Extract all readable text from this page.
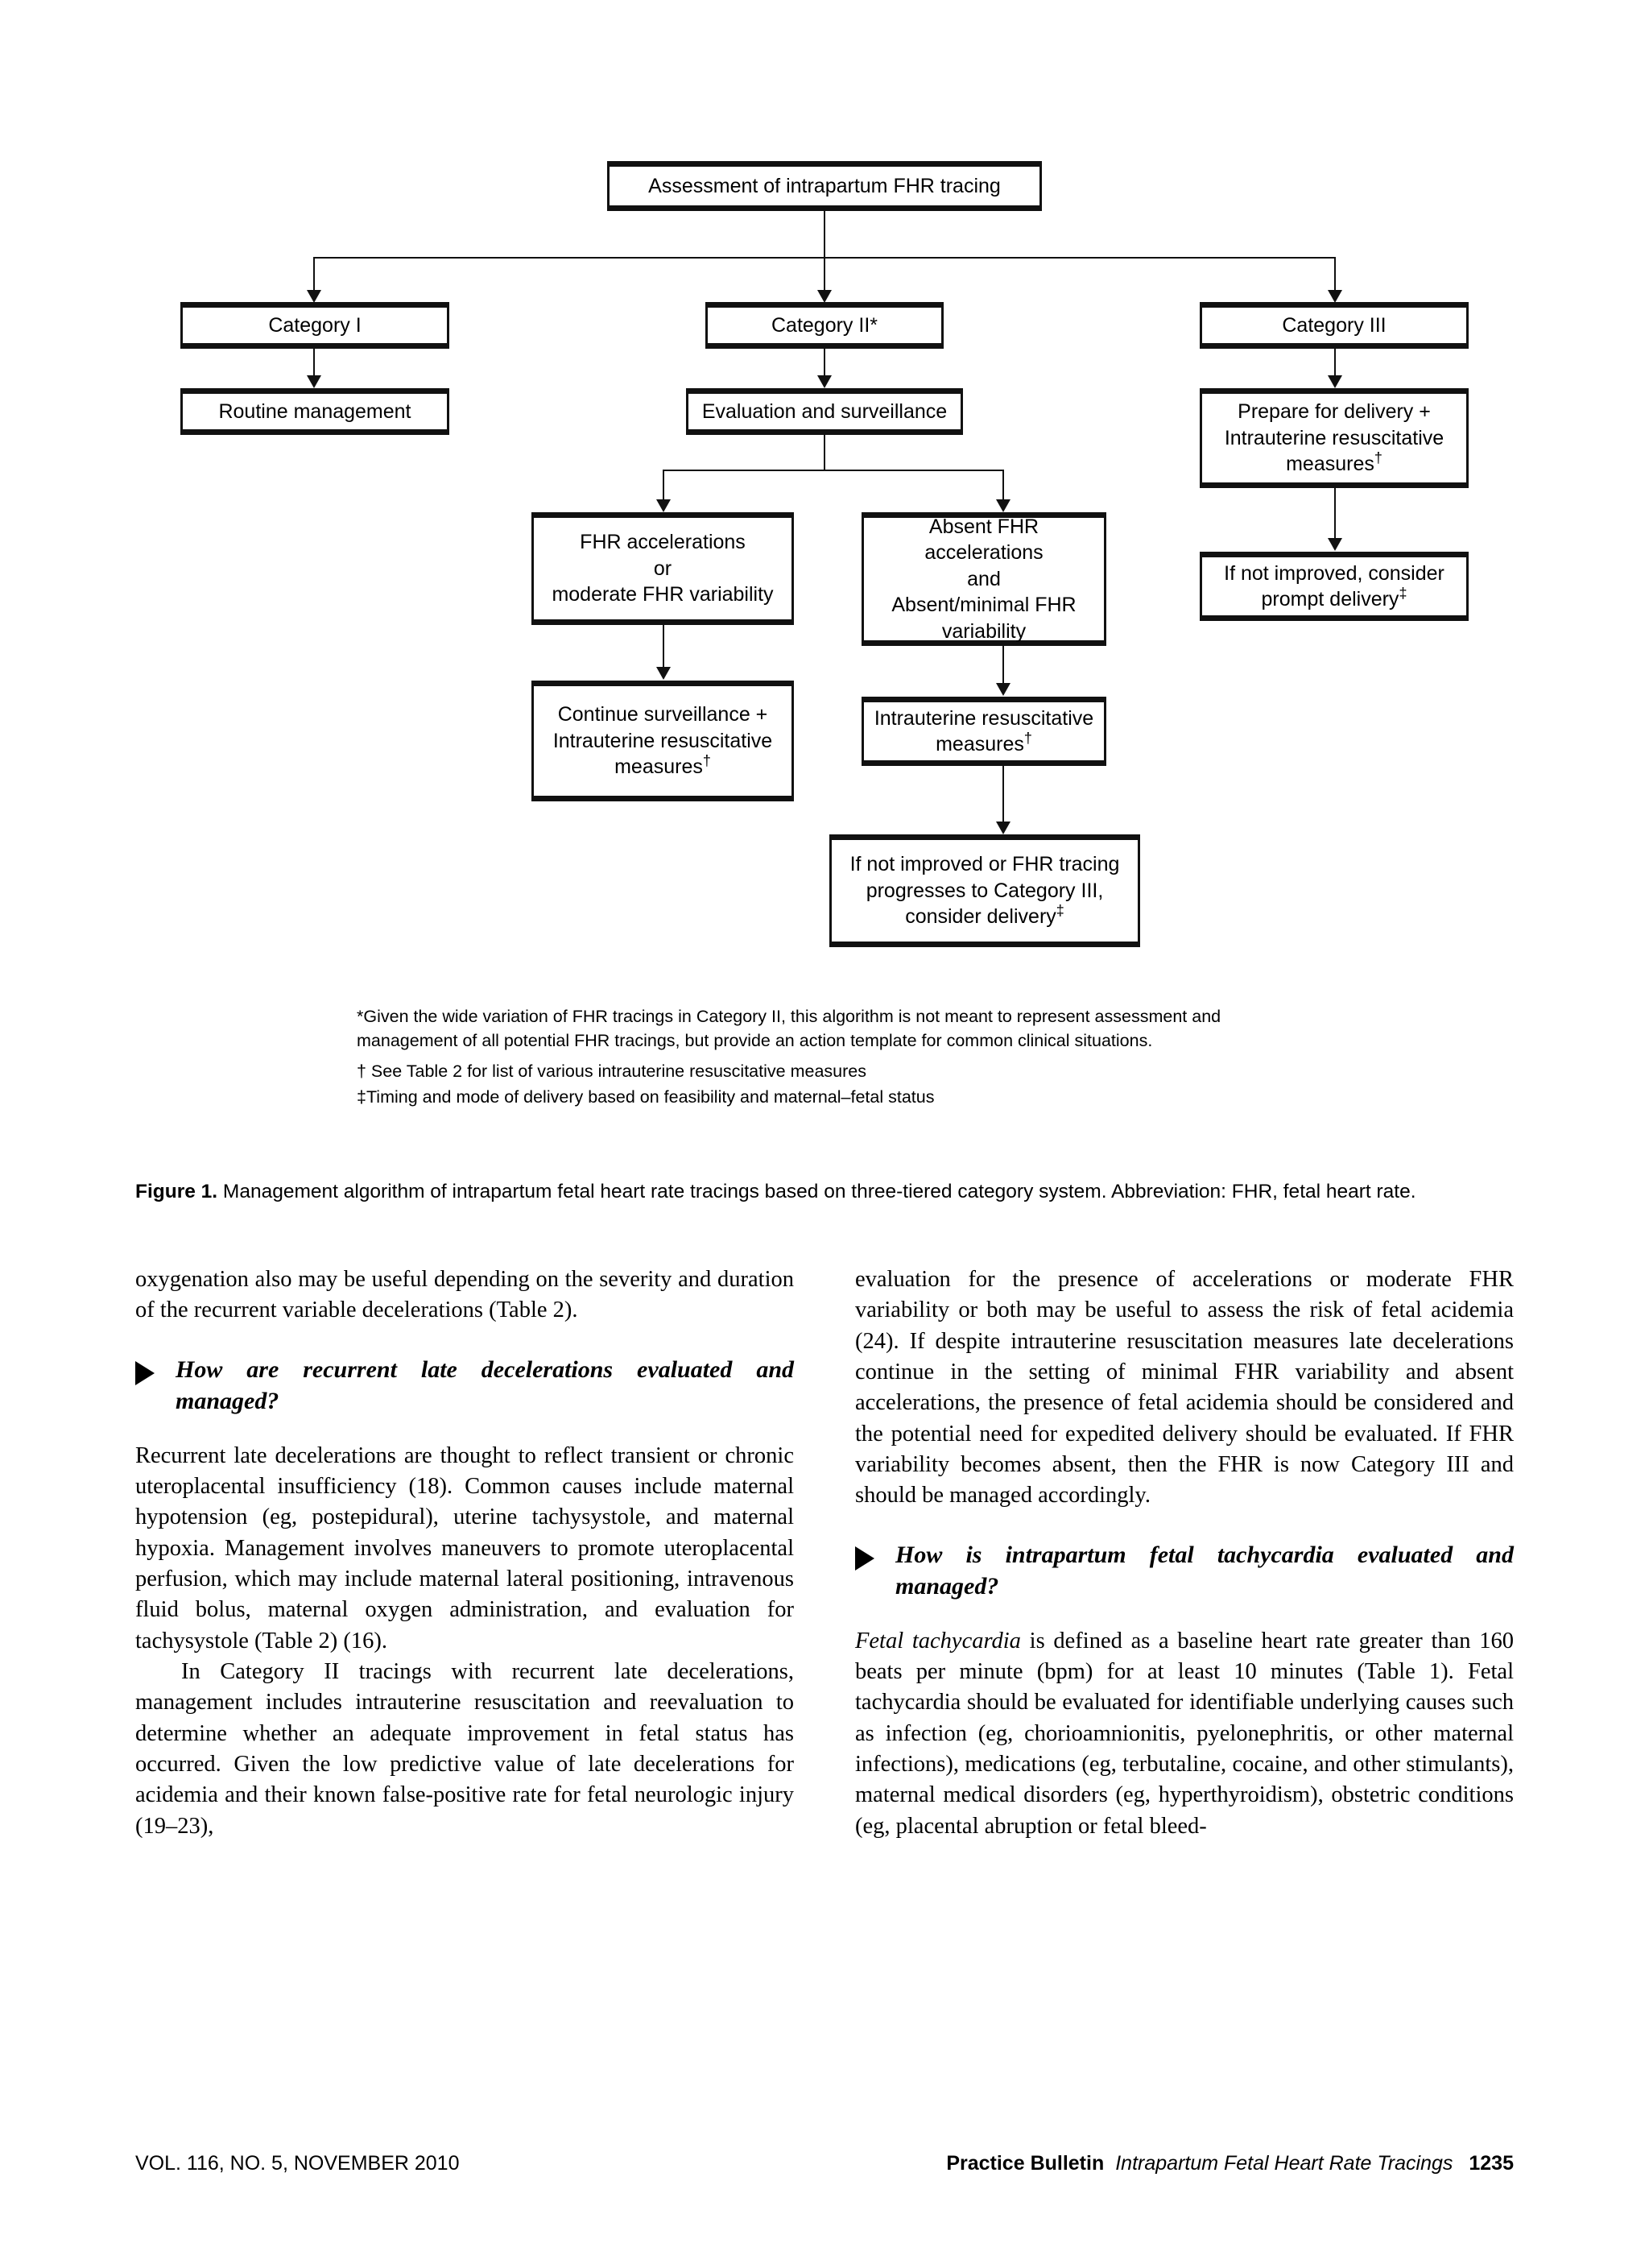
Assessment of intrapartum FHR tracing
Category I	Category II*	Category III
Routine management	Evaluation and surveillance	Prepare for delivery +
Intrauterine resuscitative
measures†
If not improved, consider
prompt delivery‡
FHR accelerations
or
moderate FHR variability
Absent FHR accelerations
and
Absent/minimal FHR
variability
Continue surveillance +
Intrauterine resuscitative
measures†
Intrauterine resuscitative
measures†
If not improved or FHR tracing
progresses to Category III,
consider delivery‡

*Given the wide variation of FHR tracings in Category II, this algorithm is not meant to represent assessment and management of all potential FHR tracings, but provide an action template for common clinical situations.

† See Table 2 for list of various intrauterine resuscitative measures

‡Timing and mode of delivery based on feasibility and maternal–fetal status

Figure 1. Management algorithm of intrapartum fetal heart rate tracings based on three-tiered category system. Abbreviation: FHR, fetal heart rate.

oxygenation also may be useful depending on the severity and duration of the recurrent variable decelerations (Table 2).

How are recurrent late decelerations evaluated and managed?

Recurrent late decelerations are thought to reflect transient or chronic uteroplacental insufficiency (18). Common causes include maternal hypotension (eg, postepidural), uterine tachysystole, and maternal hypoxia. Management involves maneuvers to promote uteroplacental perfusion, which may include maternal lateral positioning, intravenous fluid bolus, maternal oxygen administration, and evaluation for tachysystole (Table 2) (16).

In Category II tracings with recurrent late decelerations, management includes intrauterine resuscitation and reevaluation to determine whether an adequate improvement in fetal status has occurred. Given the low predictive value of late decelerations for acidemia and their known false-positive rate for fetal neurologic injury (19–23),

evaluation for the presence of accelerations or moderate FHR variability or both may be useful to assess the risk of fetal acidemia (24). If despite intrauterine resuscitation measures late decelerations continue in the setting of minimal FHR variability and absent accelerations, the presence of fetal acidemia should be considered and the potential need for expedited delivery should be evaluated. If FHR variability becomes absent, then the FHR is now Category III and should be managed accordingly.

How is intrapartum fetal tachycardia evaluated and managed?

Fetal tachycardia is defined as a baseline heart rate greater than 160 beats per minute (bpm) for at least 10 minutes (Table 1). Fetal tachycardia should be evaluated for identifiable underlying causes such as infection (eg, chorioamnionitis, pyelonephritis, or other maternal infections), medications (eg, terbutaline, cocaine, and other stimulants), maternal medical disorders (eg, hyperthyroidism), obstetric conditions (eg, placental abruption or fetal bleed-

VOL. 116, NO. 5, NOVEMBER 2010	Practice Bulletin Intrapartum Fetal Heart Rate Tracings 1235
